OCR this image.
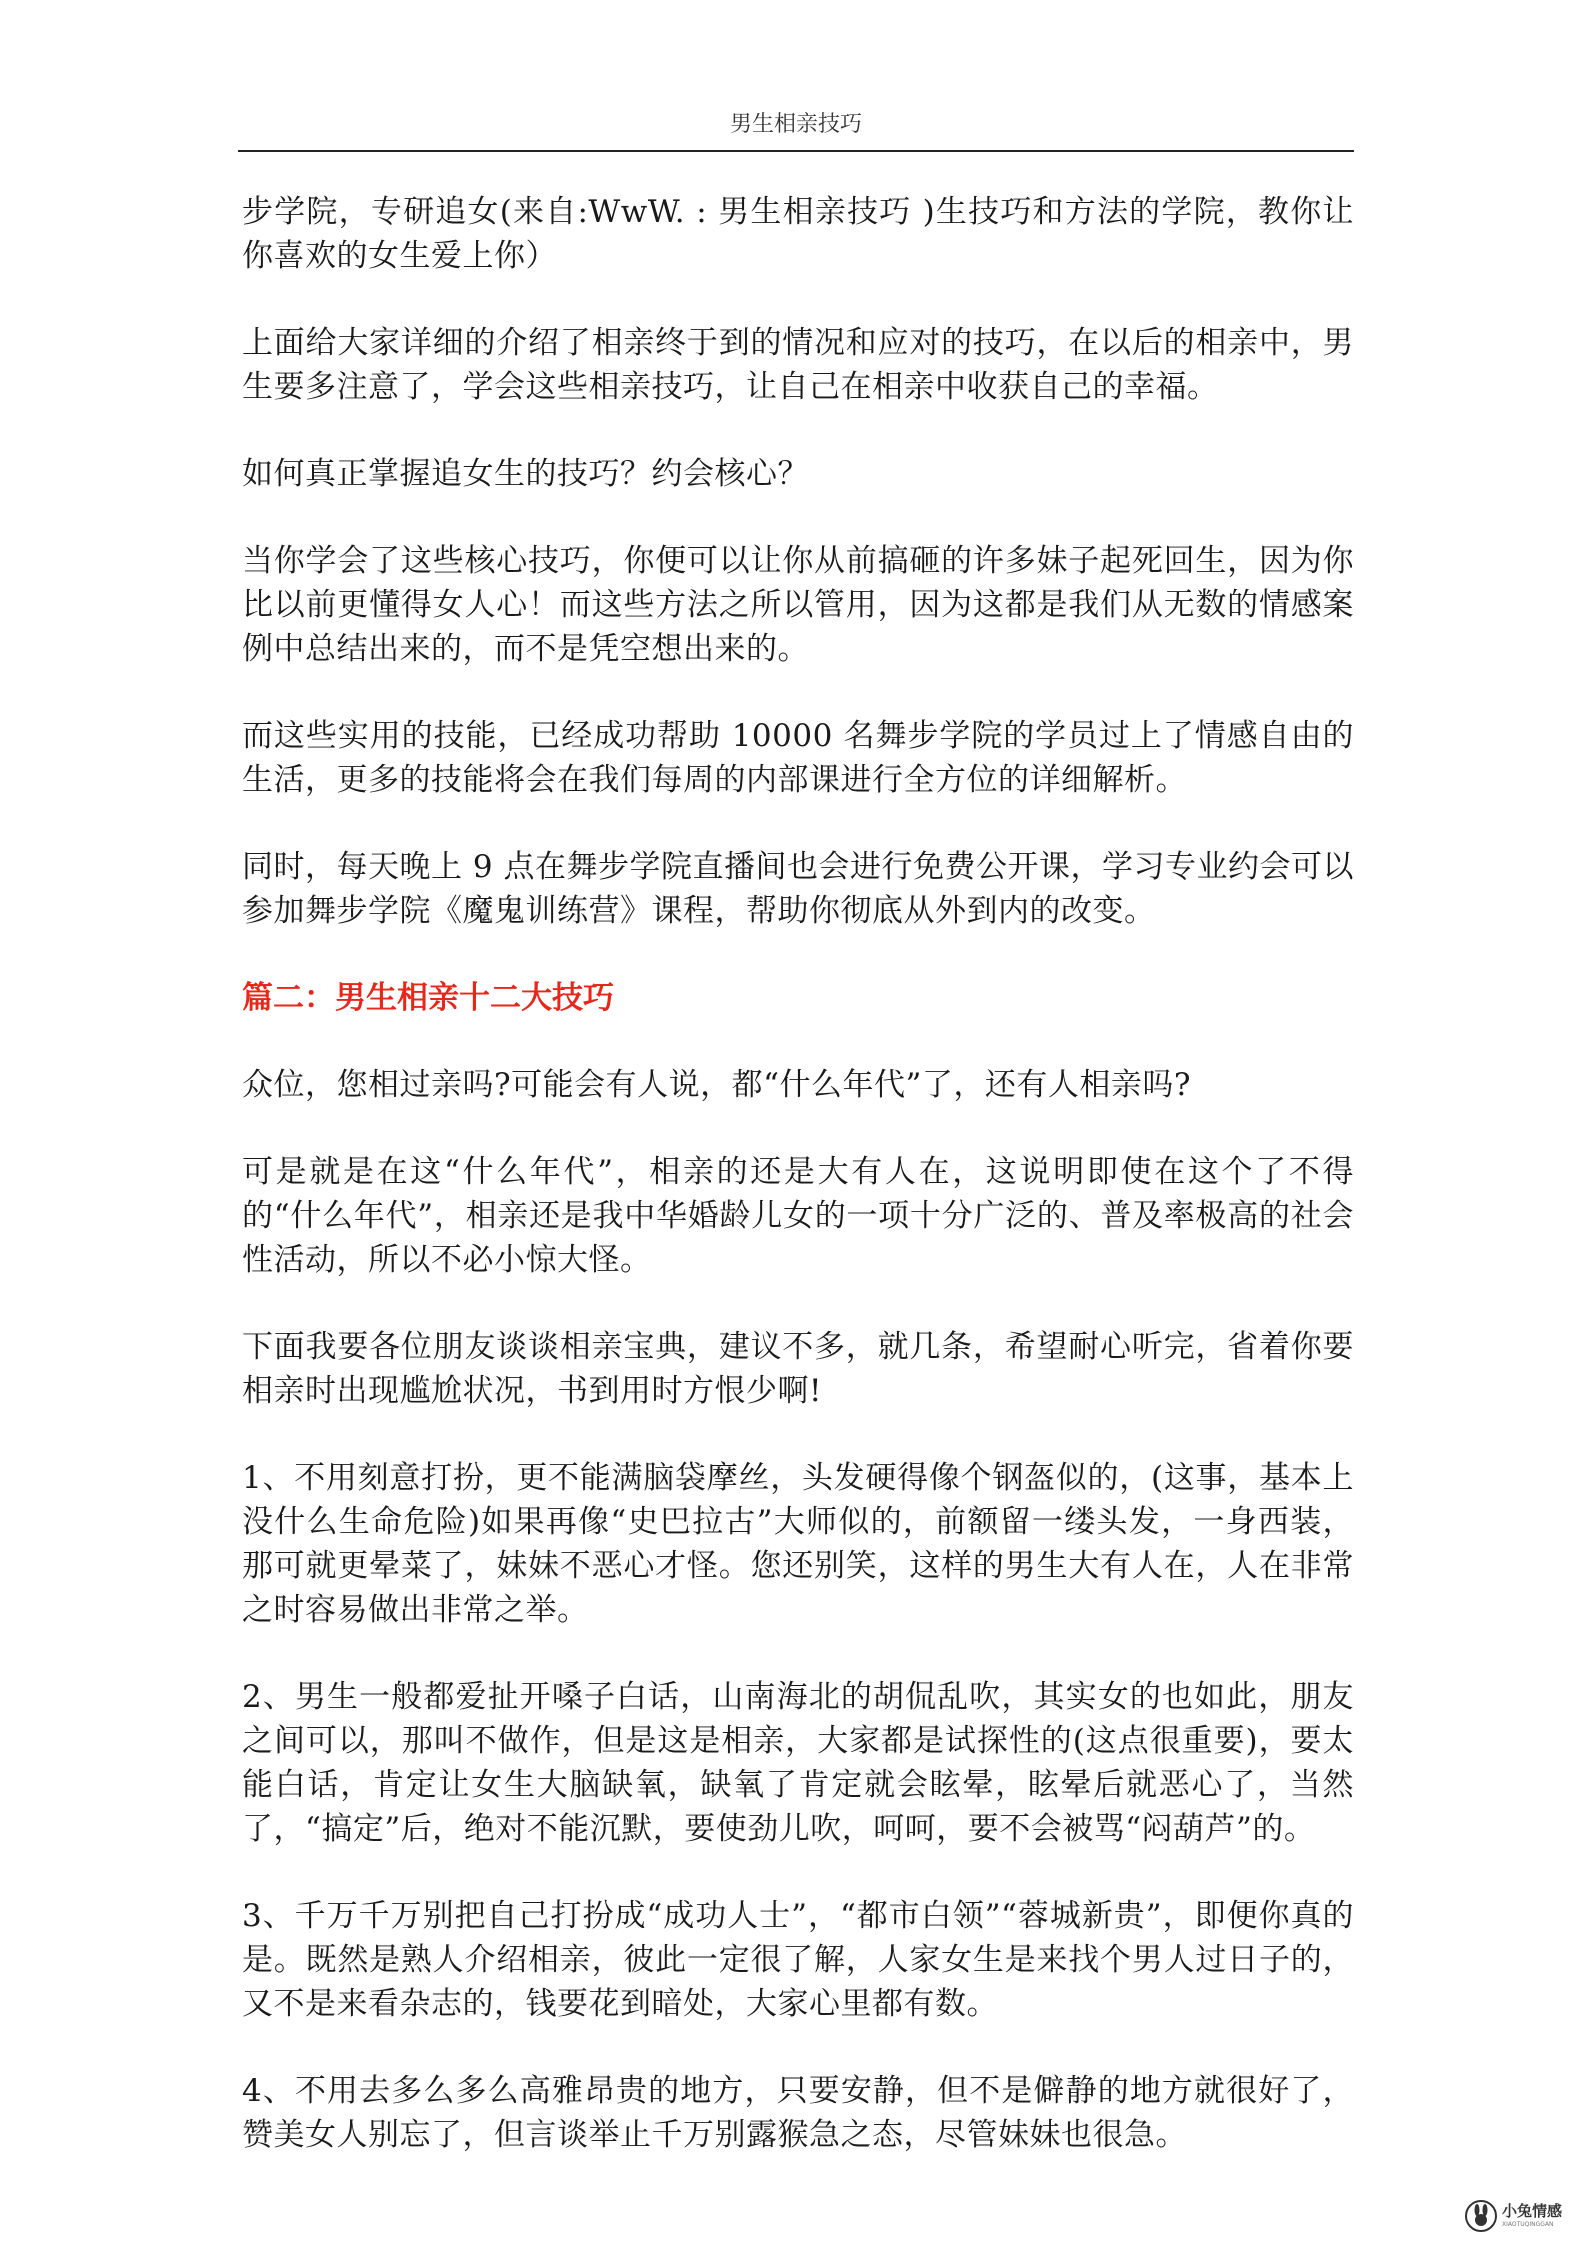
男生相亲技巧

步学院，专研追女(来自:WwW. : 男生相亲技巧 )生技巧和方法的学院，教你让你喜欢的女生爱上你）

上面给大家详细的介绍了相亲终于到的情况和应对的技巧，在以后的相亲中，男生要多注意了，学会这些相亲技巧，让自己在相亲中收获自己的幸福。

如何真正掌握追女生的技巧？约会核心？

当你学会了这些核心技巧，你便可以让你从前搞砸的许多妹子起死回生，因为你比以前更懂得女人心！而这些方法之所以管用，因为这都是我们从无数的情感案例中总结出来的，而不是凭空想出来的。

而这些实用的技能，已经成功帮助 10000 名舞步学院的学员过上了情感自由的生活，更多的技能将会在我们每周的内部课进行全方位的详细解析。

同时，每天晚上 9 点在舞步学院直播间也会进行免费公开课，学习专业约会可以参加舞步学院《魔鬼训练营》课程，帮助你彻底从外到内的改变。

篇二：男生相亲十二大技巧

众位，您相过亲吗?可能会有人说，都“什么年代”了，还有人相亲吗?

可是就是在这“什么年代”，相亲的还是大有人在，这说明即使在这个了不得的“什么年代”，相亲还是我中华婚龄儿女的一项十分广泛的、普及率极高的社会性活动，所以不必小惊大怪。

下面我要各位朋友谈谈相亲宝典，建议不多，就几条，希望耐心听完，省着你要相亲时出现尴尬状况，书到用时方恨少啊!

1、不用刻意打扮，更不能满脑袋摩丝，头发硬得像个钢盔似的，(这事，基本上没什么生命危险)如果再像“史巴拉古”大师似的，前额留一缕头发，一身西装，那可就更晕菜了，妹妹不恶心才怪。您还别笑，这样的男生大有人在，人在非常之时容易做出非常之举。

2、男生一般都爱扯开嗓子白话，山南海北的胡侃乱吹，其实女的也如此，朋友之间可以，那叫不做作，但是这是相亲，大家都是试探性的(这点很重要)，要太能白话，肯定让女生大脑缺氧，缺氧了肯定就会眩晕，眩晕后就恶心了，当然了，“搞定”后，绝对不能沉默，要使劲儿吹，呵呵，要不会被骂“闷葫芦”的。

3、千万千万别把自己打扮成“成功人士”，“都市白领”“蓉城新贵”，即便你真的是。既然是熟人介绍相亲，彼此一定很了解，人家女生是来找个男人过日子的，又不是来看杂志的，钱要花到暗处，大家心里都有数。

4、不用去多么多么高雅昂贵的地方，只要安静，但不是僻静的地方就很好了，赞美女人别忘了，但言谈举止千万别露猴急之态，尽管妹妹也很急。

小兔情感
XIAOTUQINGGAN
